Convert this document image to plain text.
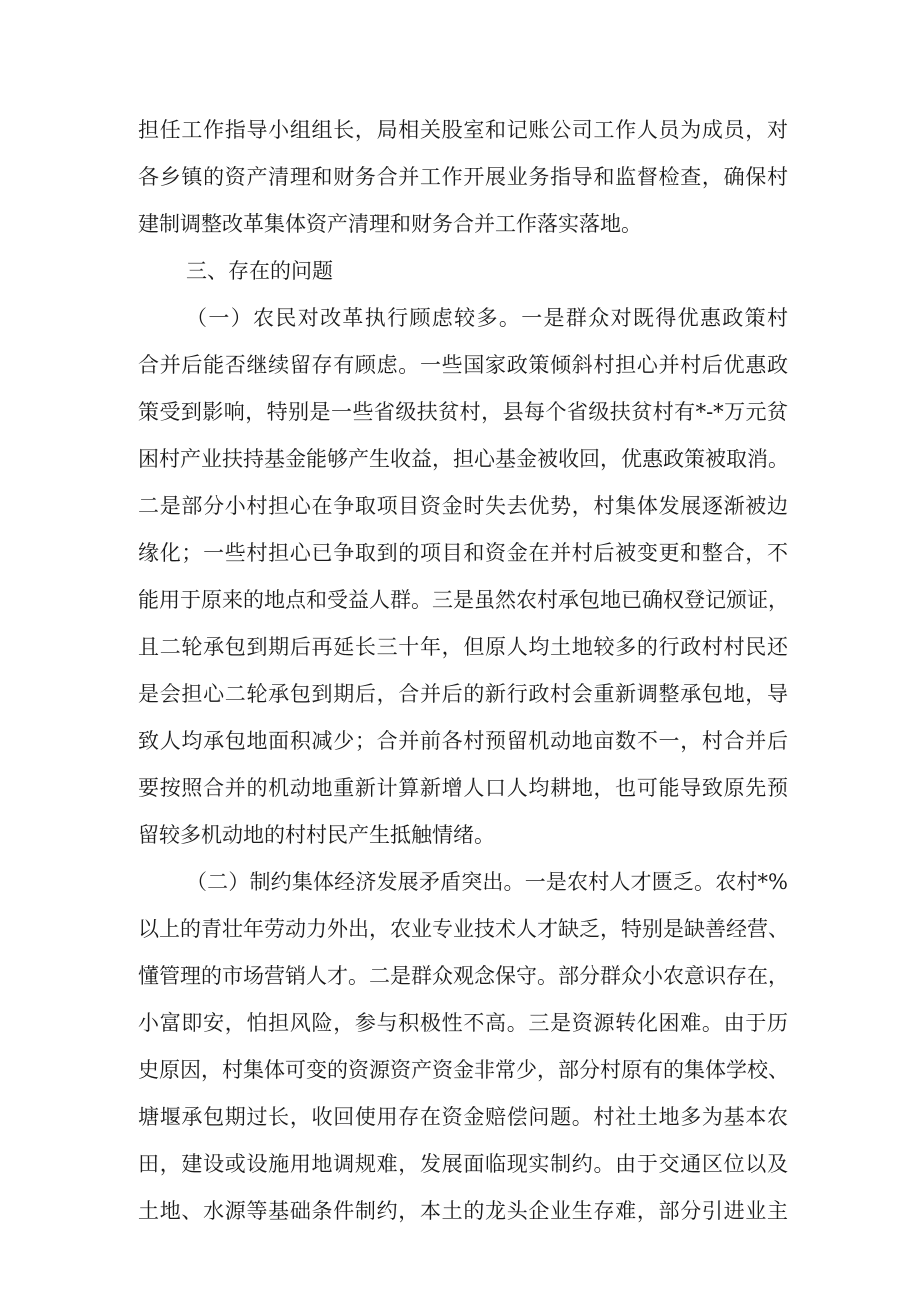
担任工作指导小组组长，局相关股室和记账公司工作人员为成员，对
各乡镇的资产清理和财务合并工作开展业务指导和监督检查，确保村
建制调整改革集体资产清理和财务合并工作落实落地。
三、存在的问题
（一）农民对改革执行顾虑较多。一是群众对既得优惠政策村
合并后能否继续留存有顾虑。一些国家政策倾斜村担心并村后优惠政
策受到影响，特别是一些省级扶贫村，县每个省级扶贫村有*-*万元贫
困村产业扶持基金能够产生收益，担心基金被收回，优惠政策被取消。
二是部分小村担心在争取项目资金时失去优势，村集体发展逐渐被边
缘化；一些村担心已争取到的项目和资金在并村后被变更和整合，不
能用于原来的地点和受益人群。三是虽然农村承包地已确权登记颁证，
且二轮承包到期后再延长三十年，但原人均土地较多的行政村村民还
是会担心二轮承包到期后，合并后的新行政村会重新调整承包地，导
致人均承包地面积减少；合并前各村预留机动地亩数不一，村合并后
要按照合并的机动地重新计算新增人口人均耕地，也可能导致原先预
留较多机动地的村村民产生抵触情绪。
（二）制约集体经济发展矛盾突出。一是农村人才匮乏。农村*%
以上的青壮年劳动力外出，农业专业技术人才缺乏，特别是缺善经营、
懂管理的市场营销人才。二是群众观念保守。部分群众小农意识存在，
小富即安，怕担风险，参与积极性不高。三是资源转化困难。由于历
史原因，村集体可变的资源资产资金非常少，部分村原有的集体学校、
塘堰承包期过长，收回使用存在资金赔偿问题。村社土地多为基本农
田，建设或设施用地调规难，发展面临现实制约。由于交通区位以及
土地、水源等基础条件制约，本土的龙头企业生存难，部分引进业主
